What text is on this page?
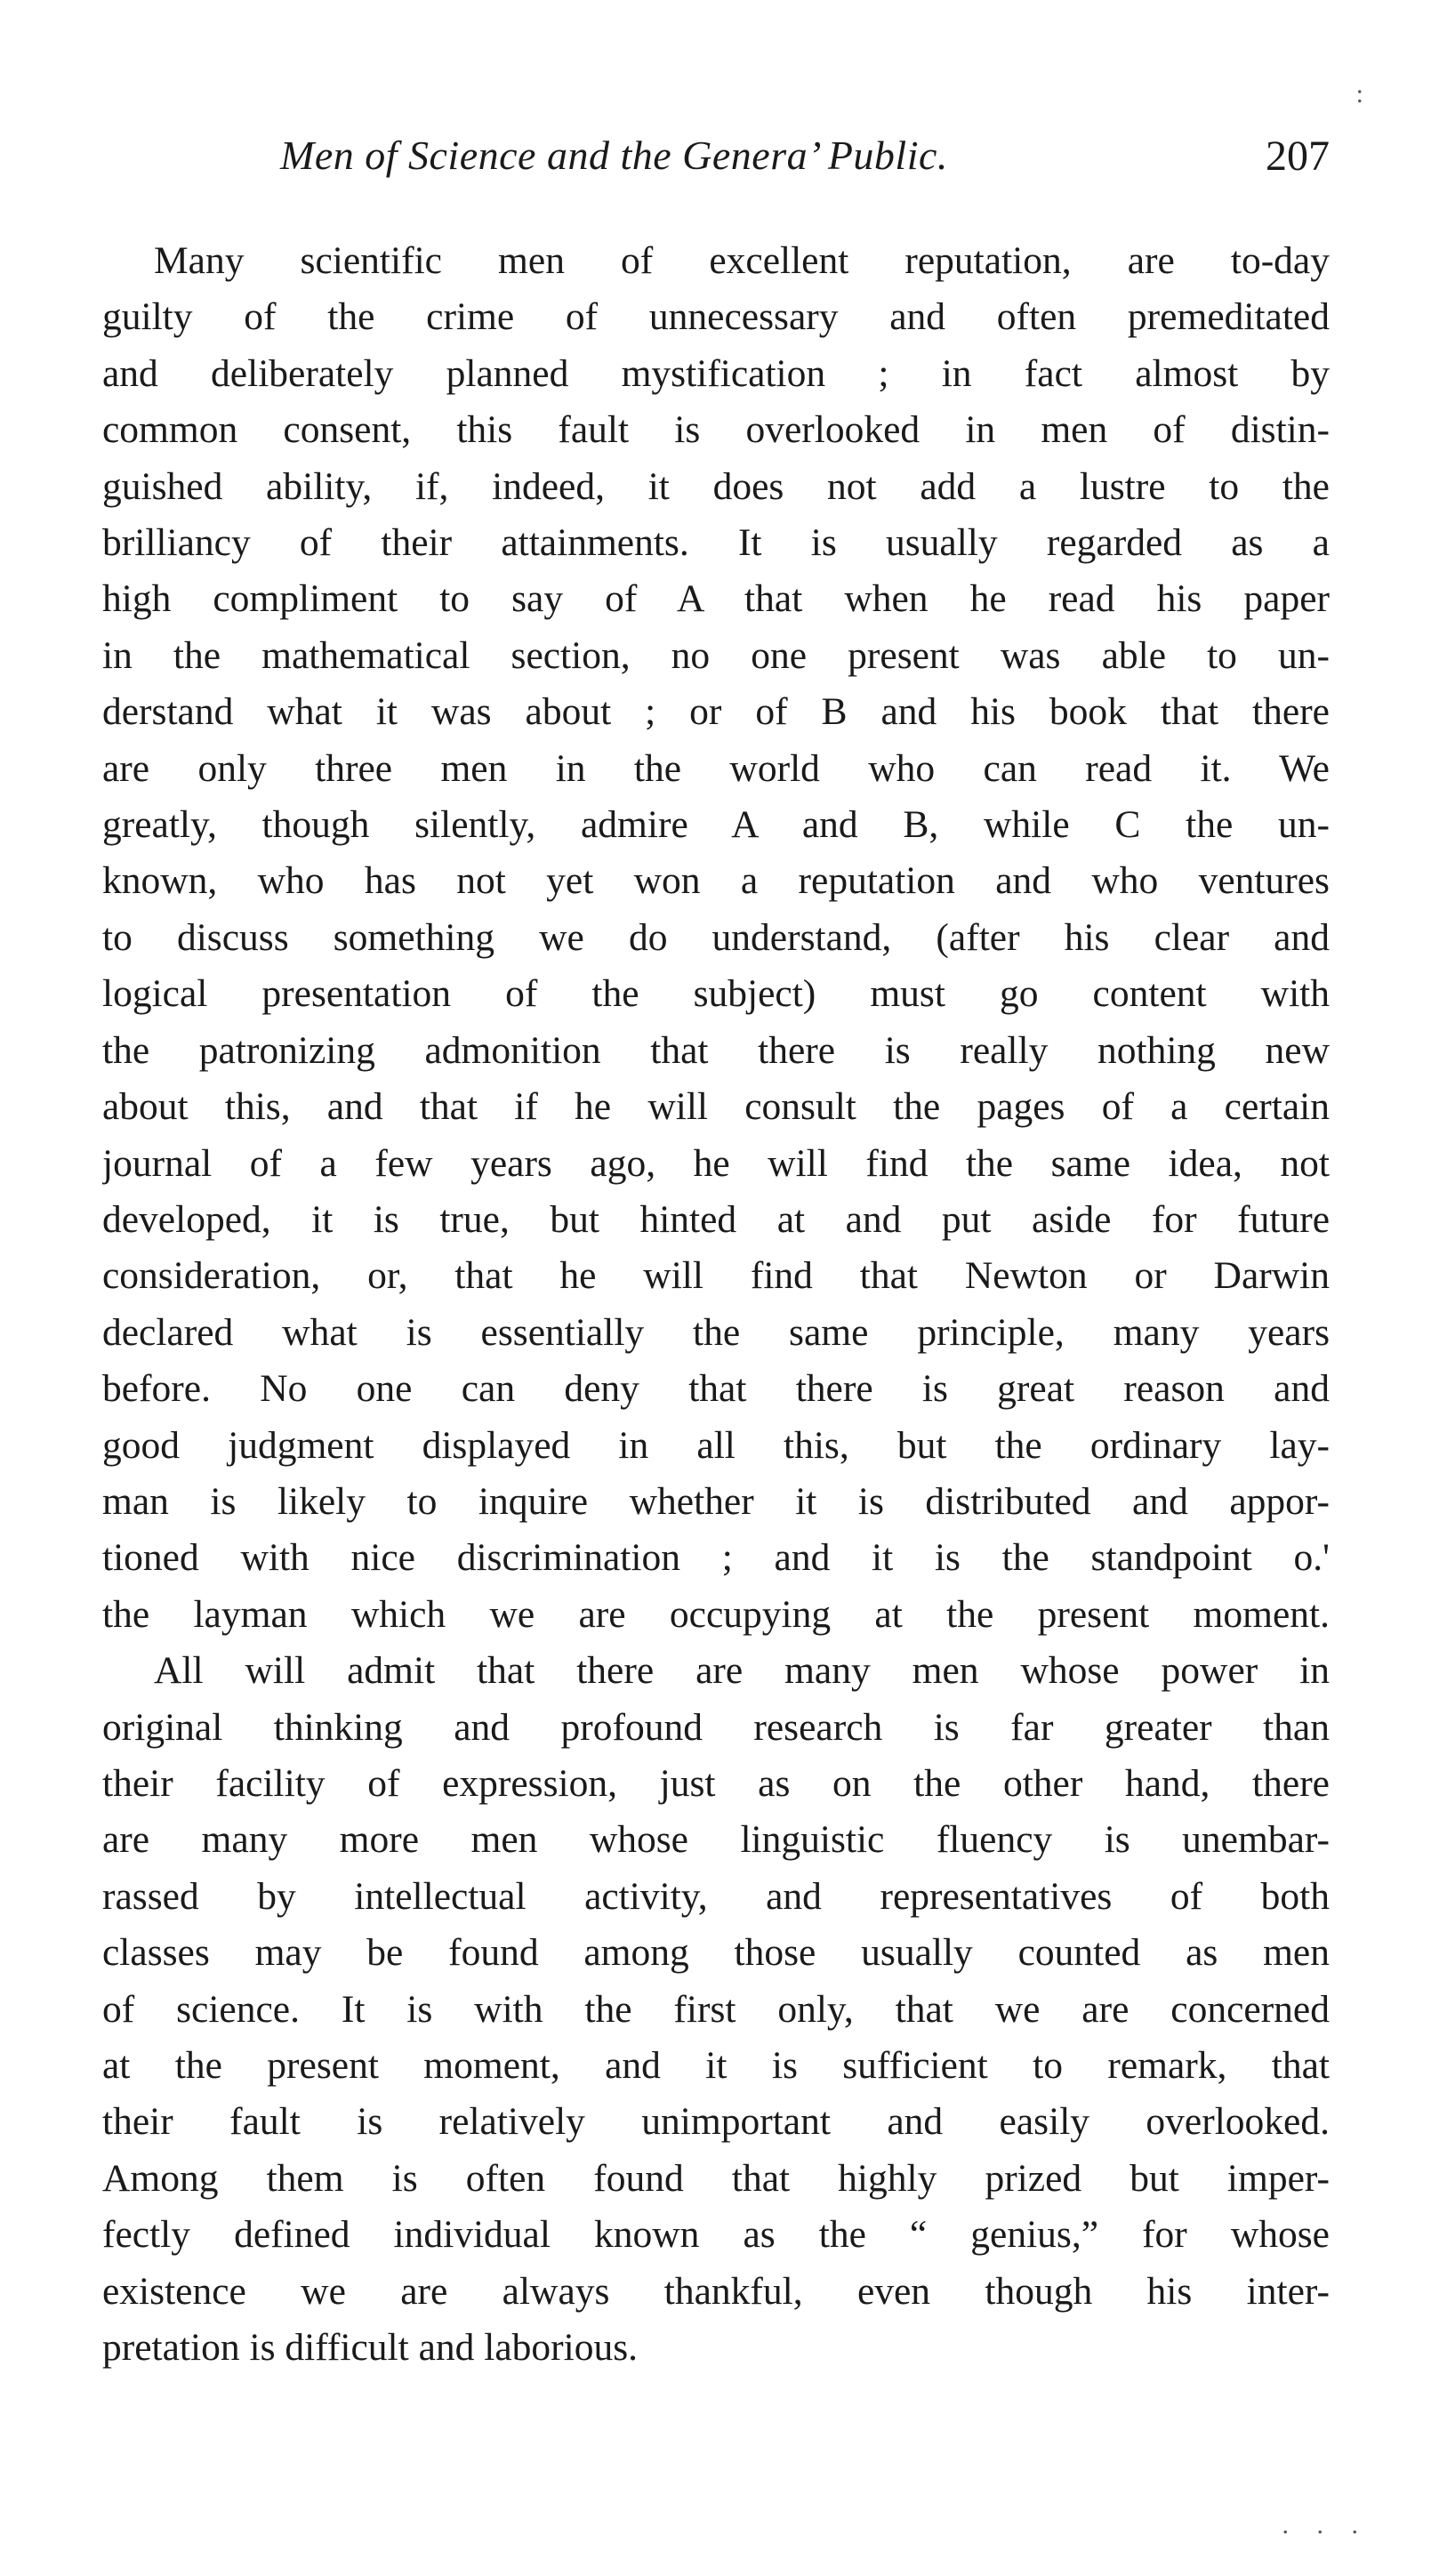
:
Men of Science and the Genera’ Public.	207
Many scientific men of excellent reputation, are to-day
guilty of the crime of unnecessary and often premeditated
and deliberately planned mystification ; in fact almost by
common consent, this fault is overlooked in men of distin-
guished ability, if, indeed, it does not add a lustre to the
brilliancy of their attainments. It is usually regarded as a
high compliment to say of A that when he read his paper
in the mathematical section, no one present was able to un-
derstand what it was about ; or of B and his book that there
are only three men in the world who can read it. We
greatly, though silently, admire A and B, while C the un-
known, who has not yet won a reputation and who ventures
to discuss something we do understand, (after his clear and
logical presentation of the subject) must go content with
the patronizing admonition that there is really nothing new
about this, and that if he will consult the pages of a certain
journal of a few years ago, he will find the same idea, not
developed, it is true, but hinted at and put aside for future
consideration, or, that he will find that Newton or Darwin
declared what is essentially the same principle, many years
before. No one can deny that there is great reason and
good judgment displayed in all this, but the ordinary lay-
man is likely to inquire whether it is distributed and appor-
tioned with nice discrimination ; and it is the standpoint o.'
the layman which we are occupying at the present moment.
All will admit that there are many men whose power in
original thinking and profound research is far greater than
their facility of expression, just as on the other hand, there
are many more men whose linguistic fluency is unembar-
rassed by intellectual activity, and representatives of both
classes may be found among those usually counted as men
of science. It is with the first only, that we are concerned
at the present moment, and it is sufficient to remark, that
their fault is relatively unimportant and easily overlooked.
Among them is often found that highly prized but imper-
fectly defined individual known as the “ genius,” for whose
existence we are always thankful, even though his inter-
pretation is difficult and laborious.
. . .
